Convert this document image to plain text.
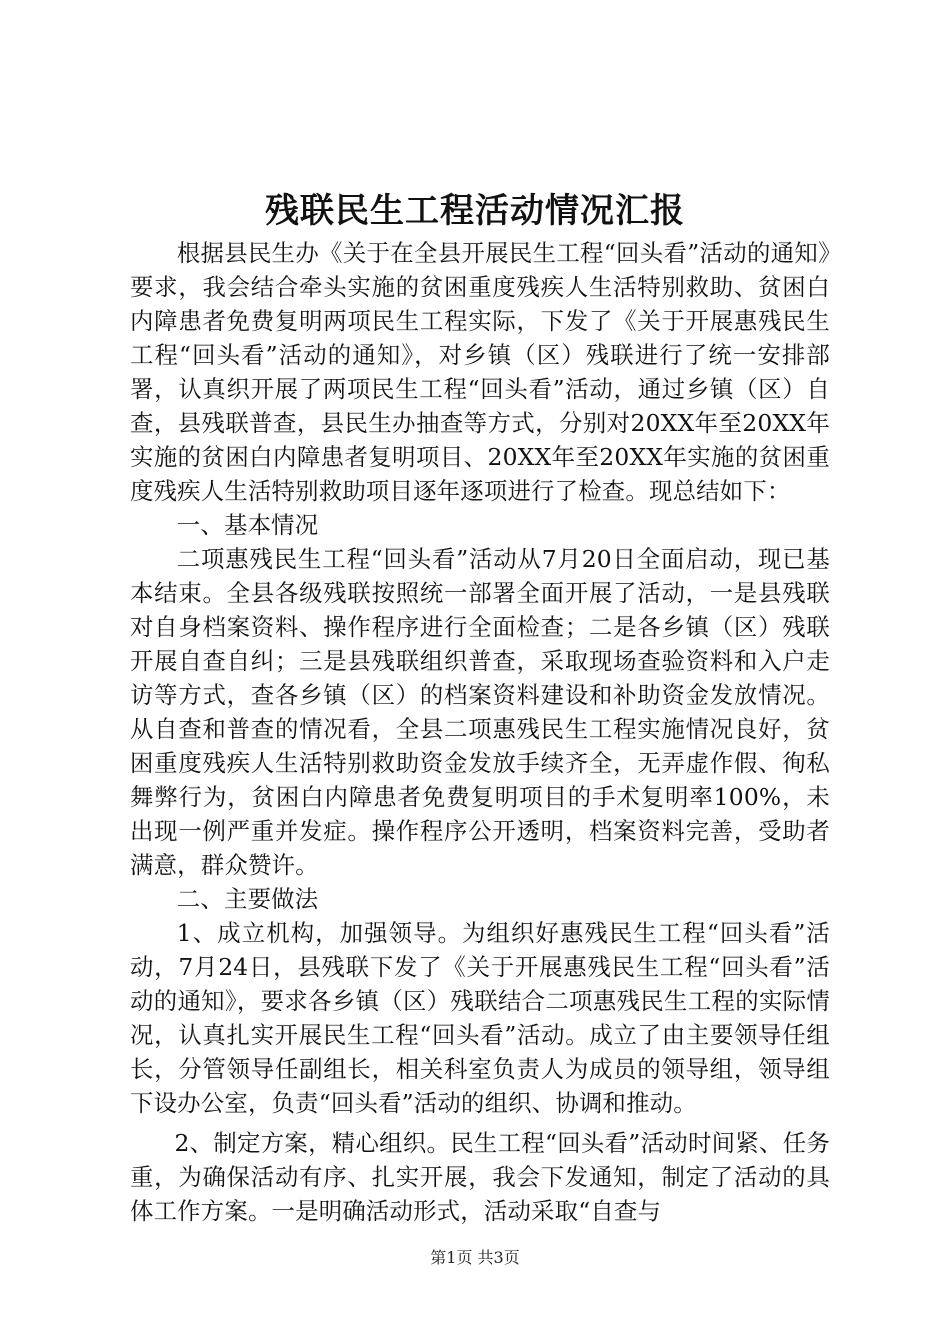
残联民生工程活动情况汇报

根据县民生办《关于在全县开展民生工程“回头看”活动的通知》要求，我会结合牵头实施的贫困重度残疾人生活特别救助、贫困白内障患者免费复明两项民生工程实际，下发了《关于开展惠残民生工程“回头看”活动的通知》，对乡镇（区）残联进行了统一安排部署，认真织开展了两项民生工程“回头看”活动，通过乡镇（区）自查，县残联普查，县民生办抽查等方式，分别对20XX年至20XX年实施的贫困白内障患者复明项目、20XX年至20XX年实施的贫困重度残疾人生活特别救助项目逐年逐项进行了检查。现总结如下：

一、基本情况

二项惠残民生工程“回头看”活动从7月20日全面启动，现已基本结束。全县各级残联按照统一部署全面开展了活动，一是县残联对自身档案资料、操作程序进行全面检查；二是各乡镇（区）残联开展自查自纠；三是县残联组织普查，采取现场查验资料和入户走访等方式，查各乡镇（区）的档案资料建设和补助资金发放情况。从自查和普查的情况看，全县二项惠残民生工程实施情况良好，贫困重度残疾人生活特别救助资金发放手续齐全，无弄虚作假、徇私舞弊行为，贫困白内障患者免费复明项目的手术复明率100%，未出现一例严重并发症。操作程序公开透明，档案资料完善，受助者满意，群众赞许。

二、主要做法

1、成立机构，加强领导。为组织好惠残民生工程“回头看”活动，7月24日，县残联下发了《关于开展惠残民生工程“回头看”活动的通知》，要求各乡镇（区）残联结合二项惠残民生工程的实际情况，认真扎实开展民生工程“回头看”活动。成立了由主要领导任组长，分管领导任副组长，相关科室负责人为成员的领导组，领导组下设办公室，负责“回头看”活动的组织、协调和推动。

2、制定方案，精心组织。民生工程“回头看”活动时间紧、任务重，为确保活动有序、扎实开展，我会下发通知，制定了活动的具体工作方案。一是明确活动形式，活动采取“自查与

第1页 共3页
